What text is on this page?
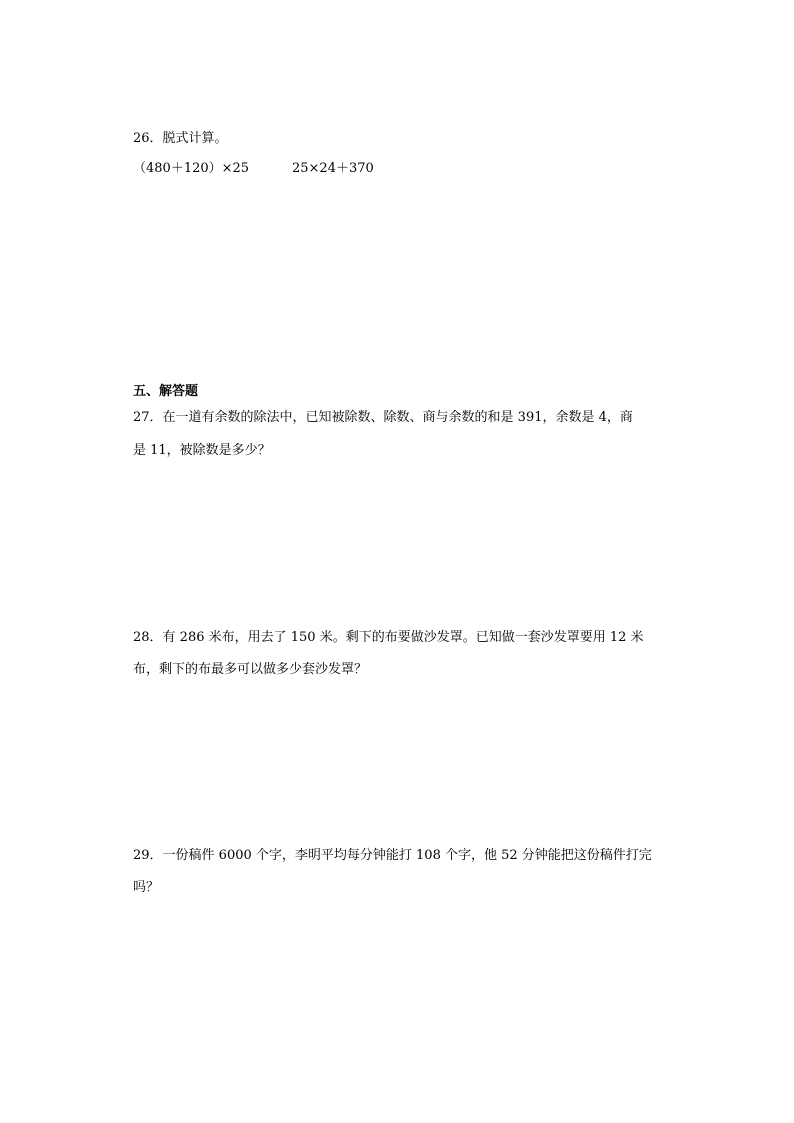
26．脱式计算。
（480＋120）×25	25×24＋370
五、解答题
27．在一道有余数的除法中，已知被除数、除数、商与余数的和是 391，余数是 4，商
是 11，被除数是多少？
28．有 286 米布，用去了 150 米。剩下的布要做沙发罩。已知做一套沙发罩要用 12 米
布，剩下的布最多可以做多少套沙发罩？
29．一份稿件 6000 个字，李明平均每分钟能打 108 个字，他 52 分钟能把这份稿件打完
吗？
